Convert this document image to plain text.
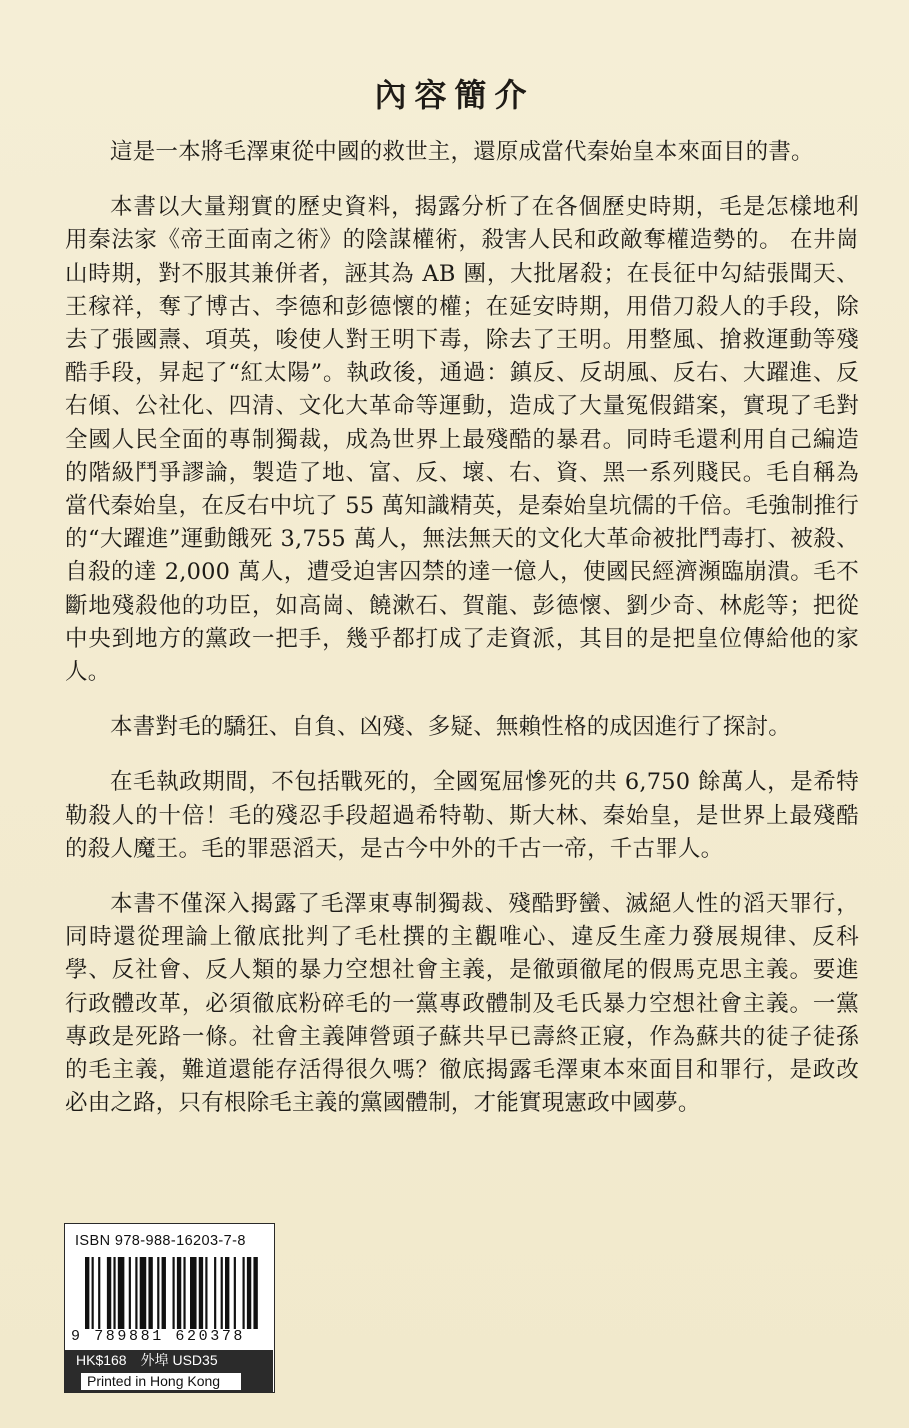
內容簡介

這是一本將毛澤東從中國的救世主，還原成當代秦始皇本來面目的書。

本書以大量翔實的歷史資料，揭露分析了在各個歷史時期，毛是怎樣地利用秦法家《帝王面南之術》的陰謀權術，殺害人民和政敵奪權造勢的。 在井崗山時期，對不服其兼併者，誣其為 AB 團，大批屠殺；在長征中勾結張聞天、王稼祥，奪了博古、李德和彭德懷的權；在延安時期，用借刀殺人的手段，除去了張國燾、項英，唆使人對王明下毒，除去了王明。用整風、搶救運動等殘酷手段，昇起了“紅太陽”。執政後，通過：鎮反、反胡風、反右、大躍進、反右傾、公社化、四清、文化大革命等運動，造成了大量冤假錯案，實現了毛對全國人民全面的專制獨裁，成為世界上最殘酷的暴君。同時毛還利用自己編造的階級鬥爭謬論，製造了地、富、反、壞、右、資、黑一系列賤民。毛自稱為當代秦始皇，在反右中坑了 55 萬知識精英，是秦始皇坑儒的千倍。毛強制推行的“大躍進”運動餓死 3,755 萬人，無法無天的文化大革命被批鬥毒打、被殺、自殺的達 2,000 萬人，遭受迫害囚禁的達一億人，使國民經濟瀕臨崩潰。毛不斷地殘殺他的功臣，如高崗、饒漱石、賀龍、彭德懷、劉少奇、林彪等；把從中央到地方的黨政一把手，幾乎都打成了走資派，其目的是把皇位傳給他的家人。

本書對毛的驕狂、自負、凶殘、多疑、無賴性格的成因進行了探討。

在毛執政期間，不包括戰死的，全國冤屈慘死的共 6,750 餘萬人，是希特勒殺人的十倍！毛的殘忍手段超過希特勒、斯大林、秦始皇，是世界上最殘酷的殺人魔王。毛的罪惡滔天，是古今中外的千古一帝，千古罪人。

本書不僅深入揭露了毛澤東專制獨裁、殘酷野蠻、滅絕人性的滔天罪行，同時還從理論上徹底批判了毛杜撰的主觀唯心、違反生產力發展規律、反科學、反社會、反人類的暴力空想社會主義，是徹頭徹尾的假馬克思主義。要進行政體改革，必須徹底粉碎毛的一黨專政體制及毛氏暴力空想社會主義。一黨專政是死路一條。社會主義陣營頭子蘇共早已壽終正寢，作為蘇共的徒子徒孫的毛主義，難道還能存活得很久嗎？徹底揭露毛澤東本來面目和罪行，是政改必由之路，只有根除毛主義的黨國體制，才能實現憲政中國夢。

ISBN 978-988-16203-7-8
9 789881 620378
HK$168　外埠 USD35
Printed in Hong Kong
